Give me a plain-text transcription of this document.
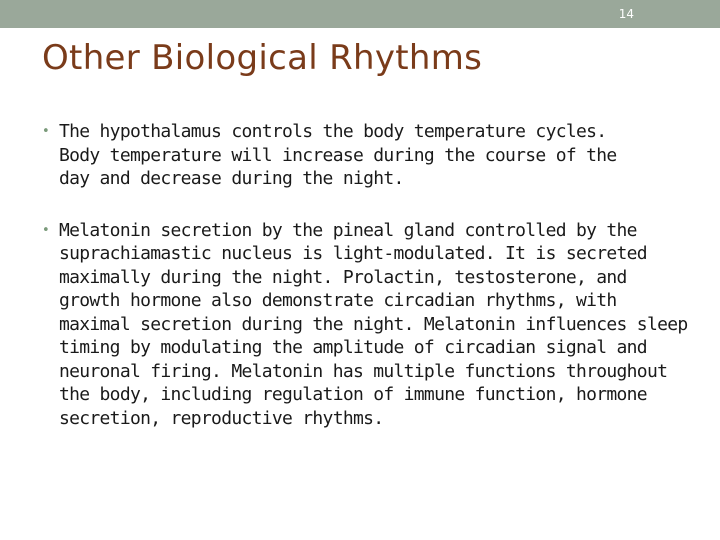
14
Other Biological Rhythms
• The hypothalamus controls the body temperature cycles. Body temperature will increase during the course of the day and decrease during the night.
• Melatonin secretion by the pineal gland controlled by the suprachiamastic nucleus is light-modulated. It is secreted maximally during the night. Prolactin, testosterone, and growth hormone also demonstrate circadian rhythms, with maximal secretion during the night. Melatonin influences sleep timing by modulating the amplitude of circadian signal and neuronal firing. Melatonin has multiple functions throughout the body, including regulation of immune function, hormone secretion, reproductive rhythms.
